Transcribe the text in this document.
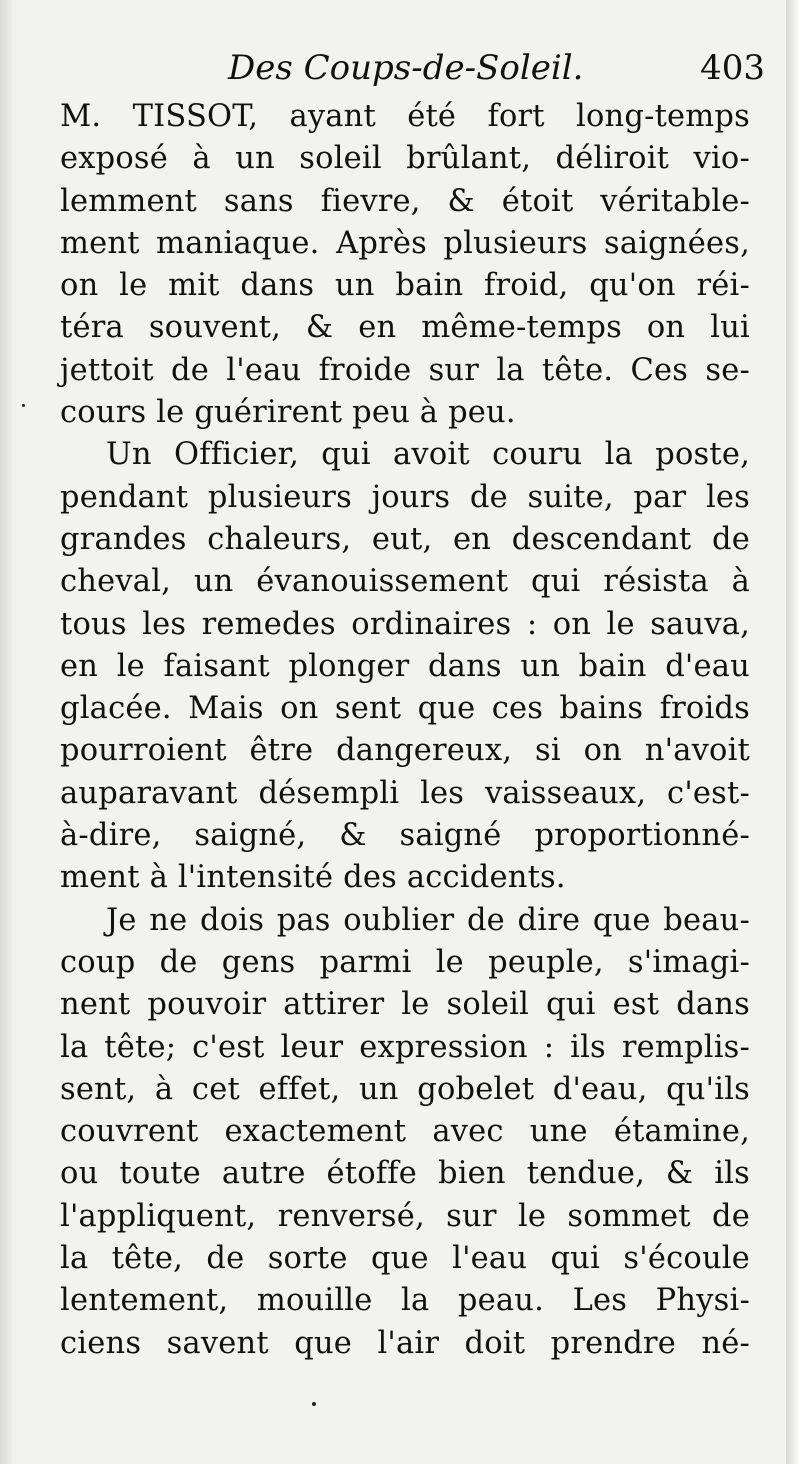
Des Coups-de-Soleil.	403
M. TISSOT, ayant été fort long-temps
exposé à un soleil brûlant, déliroit vio-
lemment sans fievre, & étoit véritable-
ment maniaque. Après plusieurs saignées,
on le mit dans un bain froid, qu'on réi-
téra souvent, & en même-temps on lui
jettoit de l'eau froide sur la tête. Ces se-
cours le guérirent peu à peu.
Un Officier, qui avoit couru la poste,
pendant plusieurs jours de suite, par les
grandes chaleurs, eut, en descendant de
cheval, un évanouissement qui résista à
tous les remedes ordinaires : on le sauva,
en le faisant plonger dans un bain d'eau
glacée. Mais on sent que ces bains froids
pourroient être dangereux, si on n'avoit
auparavant désempli les vaisseaux, c'est-
à-dire, saigné, & saigné proportionné-
ment à l'intensité des accidents.
Je ne dois pas oublier de dire que beau-
coup de gens parmi le peuple, s'imagi-
nent pouvoir attirer le soleil qui est dans
la tête; c'est leur expression : ils remplis-
sent, à cet effet, un gobelet d'eau, qu'ils
couvrent exactement avec une étamine,
ou toute autre étoffe bien tendue, & ils
l'appliquent, renversé, sur le sommet de
la tête, de sorte que l'eau qui s'écoule
lentement, mouille la peau. Les Physi-
ciens savent que l'air doit prendre né-
